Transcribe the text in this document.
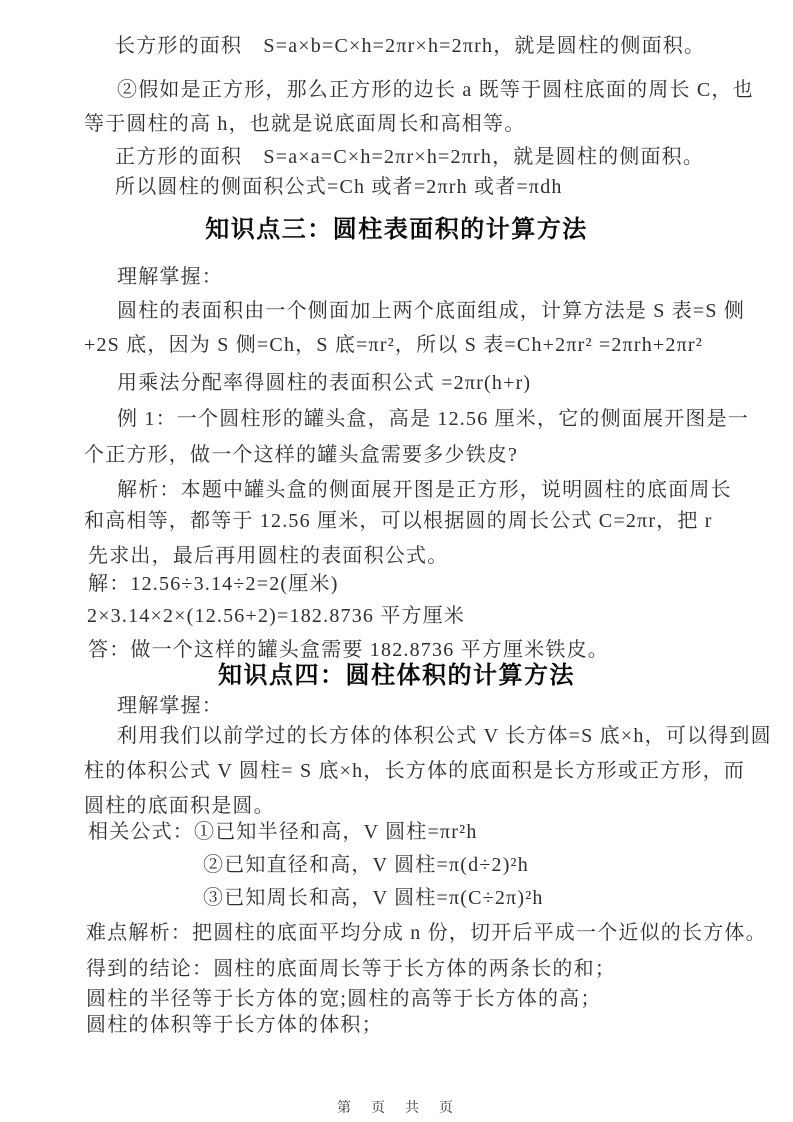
长方形的面积　S=a×b=C×h=2πr×h=2πrh，就是圆柱的侧面积。
②假如是正方形，那么正方形的边长 a 既等于圆柱底面的周长 C，也
等于圆柱的高 h，也就是说底面周长和高相等。
正方形的面积　S=a×a=C×h=2πr×h=2πrh，就是圆柱的侧面积。
所以圆柱的侧面积公式=Ch 或者=2πrh 或者=πdh
知识点三：圆柱表面积的计算方法
理解掌握：
圆柱的表面积由一个侧面加上两个底面组成，计算方法是 S 表=S 侧
+2S 底，因为 S 侧=Ch，S 底=πr²，所以 S 表=Ch+2πr² =2πrh+2πr²
用乘法分配率得圆柱的表面积公式 =2πr(h+r)
例 1：一个圆柱形的罐头盒，高是 12.56 厘米，它的侧面展开图是一
个正方形，做一个这样的罐头盒需要多少铁皮?
解析：本题中罐头盒的侧面展开图是正方形，说明圆柱的底面周长
和高相等，都等于 12.56 厘米，可以根据圆的周长公式 C=2πr，把 r
先求出，最后再用圆柱的表面积公式。
解：12.56÷3.14÷2=2(厘米)
2×3.14×2×(12.56+2)=182.8736 平方厘米
答：做一个这样的罐头盒需要 182.8736 平方厘米铁皮。
知识点四：圆柱体积的计算方法
理解掌握：
利用我们以前学过的长方体的体积公式 V 长方体=S 底×h，可以得到圆
柱的体积公式 V 圆柱= S 底×h，长方体的底面积是长方形或正方形，而
圆柱的底面积是圆。
相关公式：①已知半径和高，V 圆柱=πr²h
②已知直径和高，V 圆柱=π(d÷2)²h
③已知周长和高，V 圆柱=π(C÷2π)²h
难点解析：把圆柱的底面平均分成 n 份，切开后平成一个近似的长方体。
得到的结论：圆柱的底面周长等于长方体的两条长的和；
圆柱的半径等于长方体的宽;圆柱的高等于长方体的高；
圆柱的体积等于长方体的体积；
第　页　共　页
